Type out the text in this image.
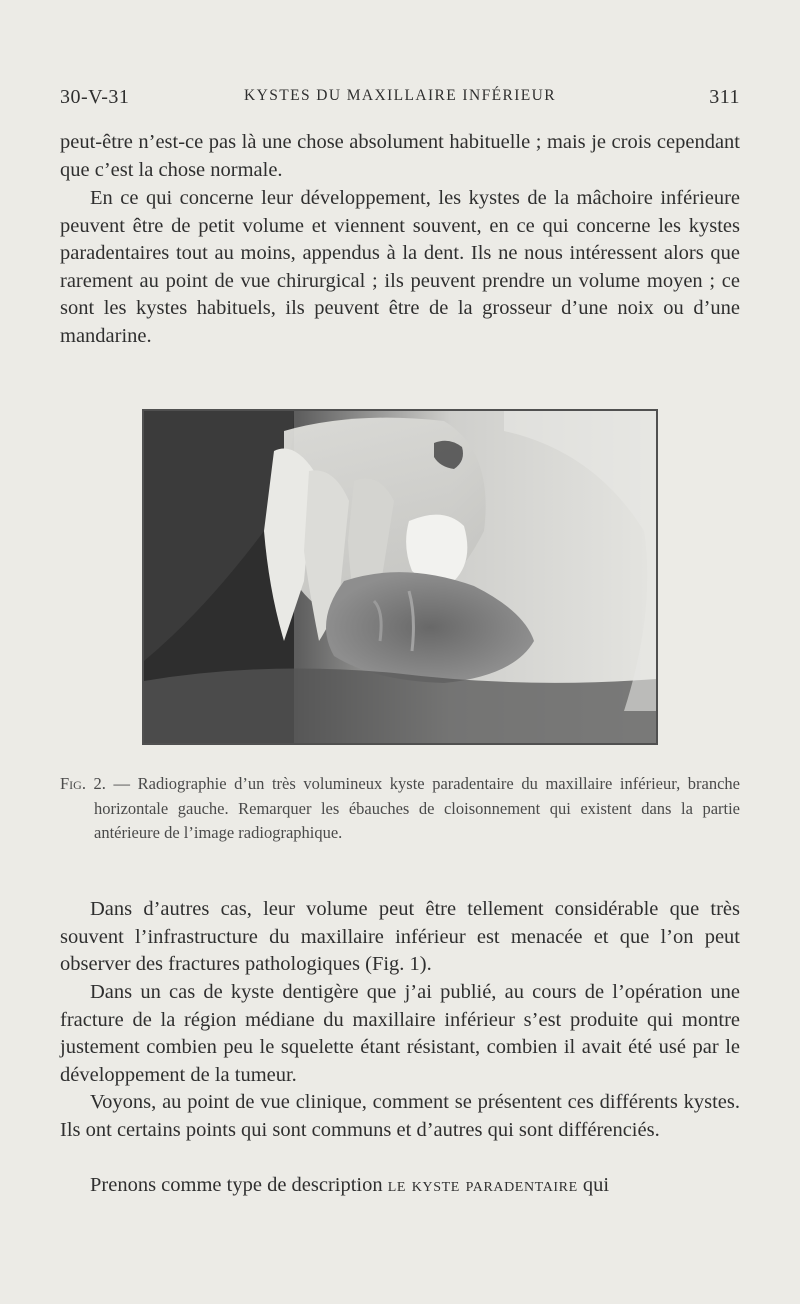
30-V-31	KYSTES DU MAXILLAIRE INFÉRIEUR	311

peut-être n’est-ce pas là une chose absolument habituelle ; mais je crois cependant que c’est la chose normale.

En ce qui concerne leur développement, les kystes de la mâchoire inférieure peuvent être de petit volume et viennent souvent, en ce qui concerne les kystes paradentaires tout au moins, appendus à la dent. Ils ne nous intéressent alors que rarement au point de vue chirurgical ; ils peuvent prendre un volume moyen ; ce sont les kystes habituels, ils peuvent être de la grosseur d’une noix ou d’une mandarine.

Fig. 2. — Radiographie d’un très volumineux kyste paradentaire du maxillaire inférieur, branche horizontale gauche. Remarquer les ébauches de cloisonnement qui existent dans la partie antérieure de l’image radiographique.

Dans d’autres cas, leur volume peut être tellement considérable que très souvent l’infrastructure du maxillaire inférieur est menacée et que l’on peut observer des fractures pathologiques (Fig. 1).

Dans un cas de kyste dentigère que j’ai publié, au cours de l’opération une fracture de la région médiane du maxillaire inférieur s’est produite qui montre justement combien peu le squelette étant résistant, combien il avait été usé par le développement de la tumeur.

Voyons, au point de vue clinique, comment se présentent ces différents kystes. Ils ont certains points qui sont communs et d’autres qui sont différenciés.

Prenons comme type de description le kyste paradentaire qui
